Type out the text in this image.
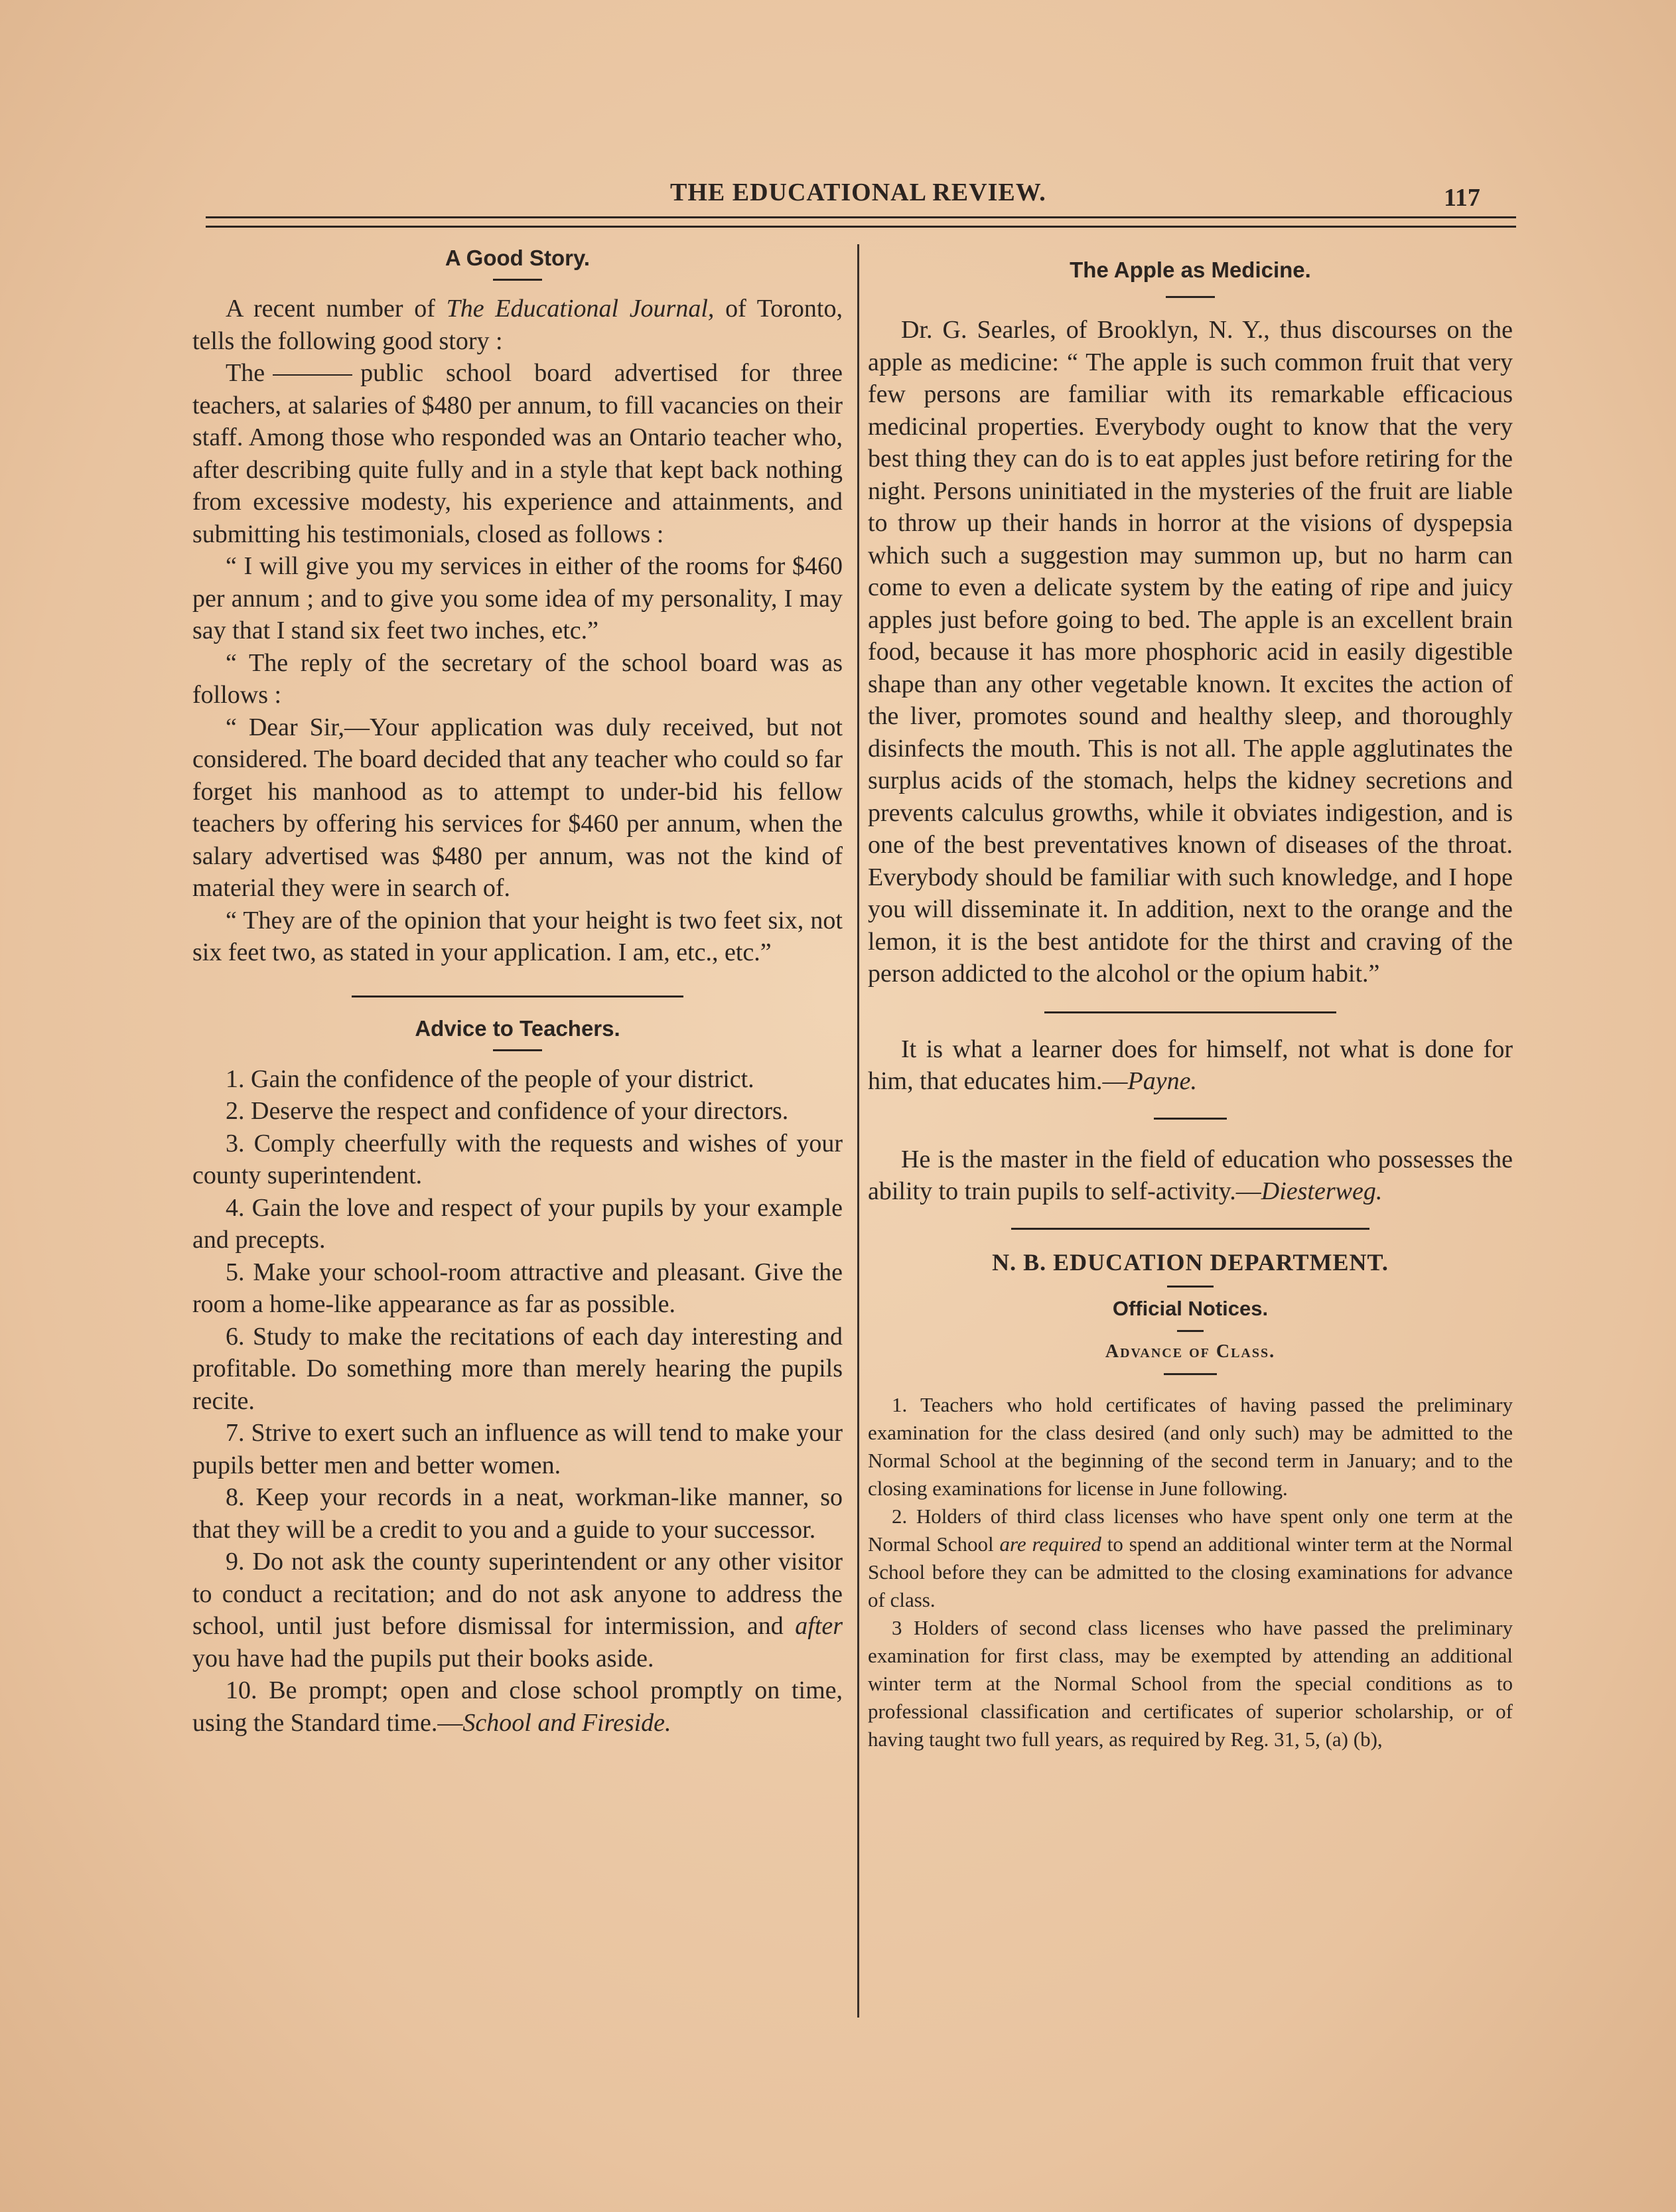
THE EDUCATIONAL REVIEW.	117
A Good Story.

A recent number of The Educational Journal, of Toronto, tells the following good story :

The	public school board advertised for three teachers, at salaries of $480 per annum, to fill vacancies on their staff. Among those who responded was an Ontario teacher who, after describing quite fully and in a style that kept back nothing from excessive modesty, his experience and attainments, and submitting his testimonials, closed as follows :

“ I will give you my services in either of the rooms for $460 per annum ; and to give you some idea of my personality, I may say that I stand six feet two inches, etc.”

“ The reply of the secretary of the school board was as follows :

“ Dear Sir,—Your application was duly received, but not considered. The board decided that any teacher who could so far forget his manhood as to attempt to under-bid his fellow teachers by offering his services for $460 per annum, when the salary advertised was $480 per annum, was not the kind of material they were in search of.

“ They are of the opinion that your height is two feet six, not six feet two, as stated in your application. I am, etc., etc.”

Advice to Teachers.
1. Gain the confidence of the people of your district.
2. Deserve the respect and confidence of your directors.
3. Comply cheerfully with the requests and wishes of your county superintendent.
4. Gain the love and respect of your pupils by your example and precepts.
5. Make your school-room attractive and pleasant. Give the room a home-like appearance as far as possible.
6. Study to make the recitations of each day interesting and profitable. Do something more than merely hearing the pupils recite.
7. Strive to exert such an influence as will tend to make your pupils better men and better women.
8. Keep your records in a neat, workman-like manner, so that they will be a credit to you and a guide to your successor.
9. Do not ask the county superintendent or any other visitor to conduct a recitation; and do not ask anyone to address the school, until just before dismissal for intermission, and after you have had the pupils put their books aside.
10. Be prompt; open and close school promptly on time, using the Standard time.—School and Fireside.
The Apple as Medicine.

Dr. G. Searles, of Brooklyn, N. Y., thus discourses on the apple as medicine: “ The apple is such common fruit that very few persons are familiar with its remarkable efficacious medicinal properties. Everybody ought to know that the very best thing they can do is to eat apples just before retiring for the night. Persons uninitiated in the mysteries of the fruit are liable to throw up their hands in horror at the visions of dyspepsia which such a suggestion may summon up, but no harm can come to even a delicate system by the eating of ripe and juicy apples just before going to bed. The apple is an excellent brain food, because it has more phosphoric acid in easily digestible shape than any other vegetable known. It excites the action of the liver, promotes sound and healthy sleep, and thoroughly disinfects the mouth. This is not all. The apple agglutinates the surplus acids of the stomach, helps the kidney secretions and prevents calculus growths, while it obviates indigestion, and is one of the best preventatives known of diseases of the throat. Everybody should be familiar with such knowledge, and I hope you will disseminate it. In addition, next to the orange and the lemon, it is the best antidote for the thirst and craving of the person addicted to the alcohol or the opium habit.”

It is what a learner does for himself, not what is done for him, that educates him.—Payne.

He is the master in the field of education who possesses the ability to train pupils to self-activity.—Diesterweg.

N. B. EDUCATION DEPARTMENT.
Official Notices.
Advance of Class.

1. Teachers who hold certificates of having passed the preliminary examination for the class desired (and only such) may be admitted to the Normal School at the beginning of the second term in January; and to the closing examinations for license in June following.

2. Holders of third class licenses who have spent only one term at the Normal School are required to spend an additional winter term at the Normal School before they can be admitted to the closing examinations for advance of class.

3 Holders of second class licenses who have passed the preliminary examination for first class, may be exempted by attending an additional winter term at the Normal School from the special conditions as to professional classification and certificates of superior scholarship, or of having taught two full years, as required by Reg. 31, 5, (a) (b),
